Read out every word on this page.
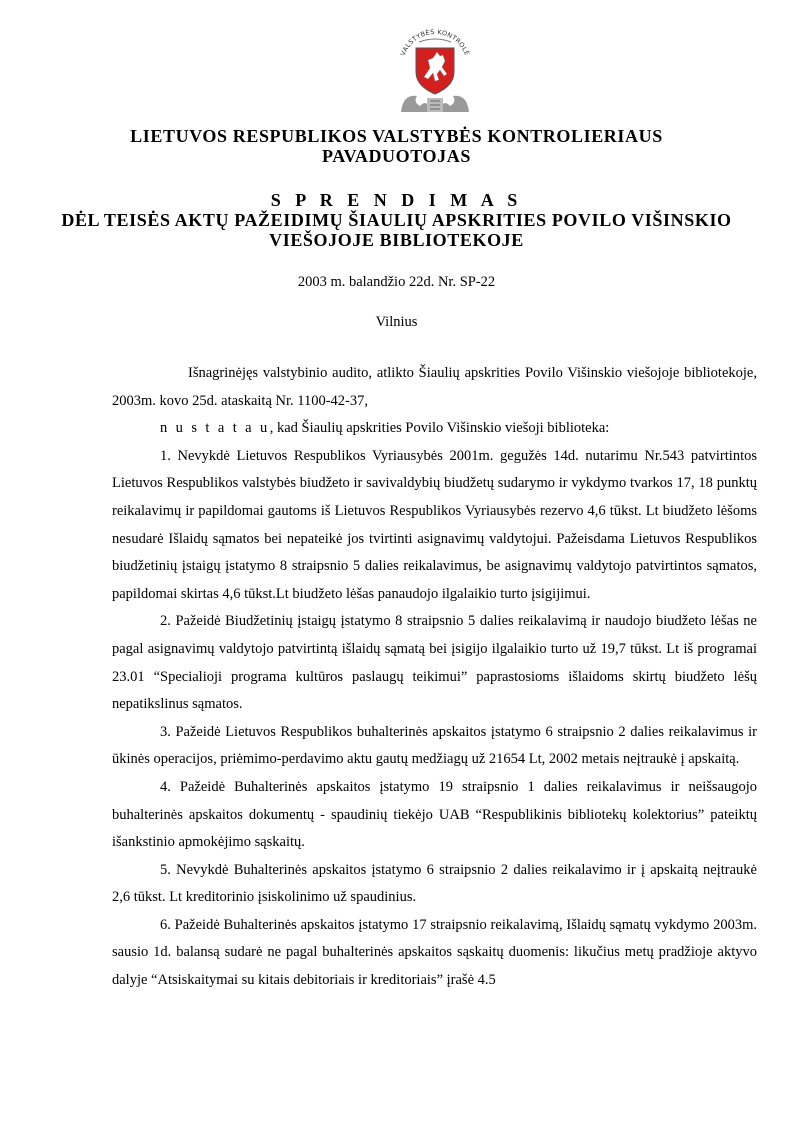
VALSTYBĖS KONTROLĖ
LIETUVOS RESPUBLIKOS VALSTYBĖS KONTROLIERIAUS PAVADUOTOJAS
S P R E N D I M A S
DĖL TEISĖS AKTŲ PAŽEIDIMŲ ŠIAULIŲ APSKRITIES POVILO VIŠINSKIO VIEŠOJOJE BIBLIOTEKOJE
2003 m. balandžio 22d. Nr. SP-22
Vilnius

Išnagrinėjęs valstybinio audito, atlikto Šiaulių apskrities Povilo Višinskio viešojoje bibliotekoje, 2003m. kovo 25d. ataskaitą Nr. 1100-42-37,

n u s t a t a u, kad Šiaulių apskrities Povilo Višinskio viešoji biblioteka:

1. Nevykdė Lietuvos Respublikos Vyriausybės 2001m. gegužės 14d. nutarimu Nr.543 patvirtintos Lietuvos Respublikos valstybės biudžeto ir savivaldybių biudžetų sudarymo ir vykdymo tvarkos 17, 18 punktų reikalavimų ir papildomai gautoms iš Lietuvos Respublikos Vyriausybės rezervo 4,6 tūkst. Lt biudžeto lėšoms nesudarė Išlaidų sąmatos bei nepateikė jos tvirtinti asignavimų valdytojui. Pažeisdama Lietuvos Respublikos biudžetinių įstaigų įstatymo 8 straipsnio 5 dalies reikalavimus, be asignavimų valdytojo patvirtintos sąmatos, papildomai skirtas 4,6 tūkst.Lt biudžeto lėšas panaudojo ilgalaikio turto įsigijimui.

2. Pažeidė Biudžetinių įstaigų įstatymo 8 straipsnio 5 dalies reikalavimą ir naudojo biudžeto lėšas ne pagal asignavimų valdytojo patvirtintą išlaidų sąmatą bei įsigijo ilgalaikio turto už 19,7 tūkst. Lt iš programai 23.01 “Specialioji programa kultūros paslaugų teikimui” paprastosioms išlaidoms skirtų biudžeto lėšų nepatikslinus sąmatos.

3. Pažeidė Lietuvos Respublikos buhalterinės apskaitos įstatymo 6 straipsnio 2 dalies reikalavimus ir ūkinės operacijos, priėmimo-perdavimo aktu gautų medžiagų už 21654 Lt, 2002 metais neįtraukė į apskaitą.

4. Pažeidė Buhalterinės apskaitos įstatymo 19 straipsnio 1 dalies reikalavimus ir neišsaugojo buhalterinės apskaitos dokumentų - spaudinių tiekėjo UAB “Respublikinis bibliotekų kolektorius” pateiktų išankstinio apmokėjimo sąskaitų.

5. Nevykdė Buhalterinės apskaitos įstatymo 6 straipsnio 2 dalies reikalavimo ir į apskaitą neįtraukė 2,6 tūkst. Lt kreditorinio įsiskolinimo už spaudinius.

6. Pažeidė Buhalterinės apskaitos įstatymo 17 straipsnio reikalavimą, Išlaidų sąmatų vykdymo 2003m. sausio 1d. balansą sudarė ne pagal buhalterinės apskaitos sąskaitų duomenis: likučius metų pradžioje aktyvo dalyje “Atsiskaitymai su kitais debitoriais ir kreditoriais” įrašė 4.5
